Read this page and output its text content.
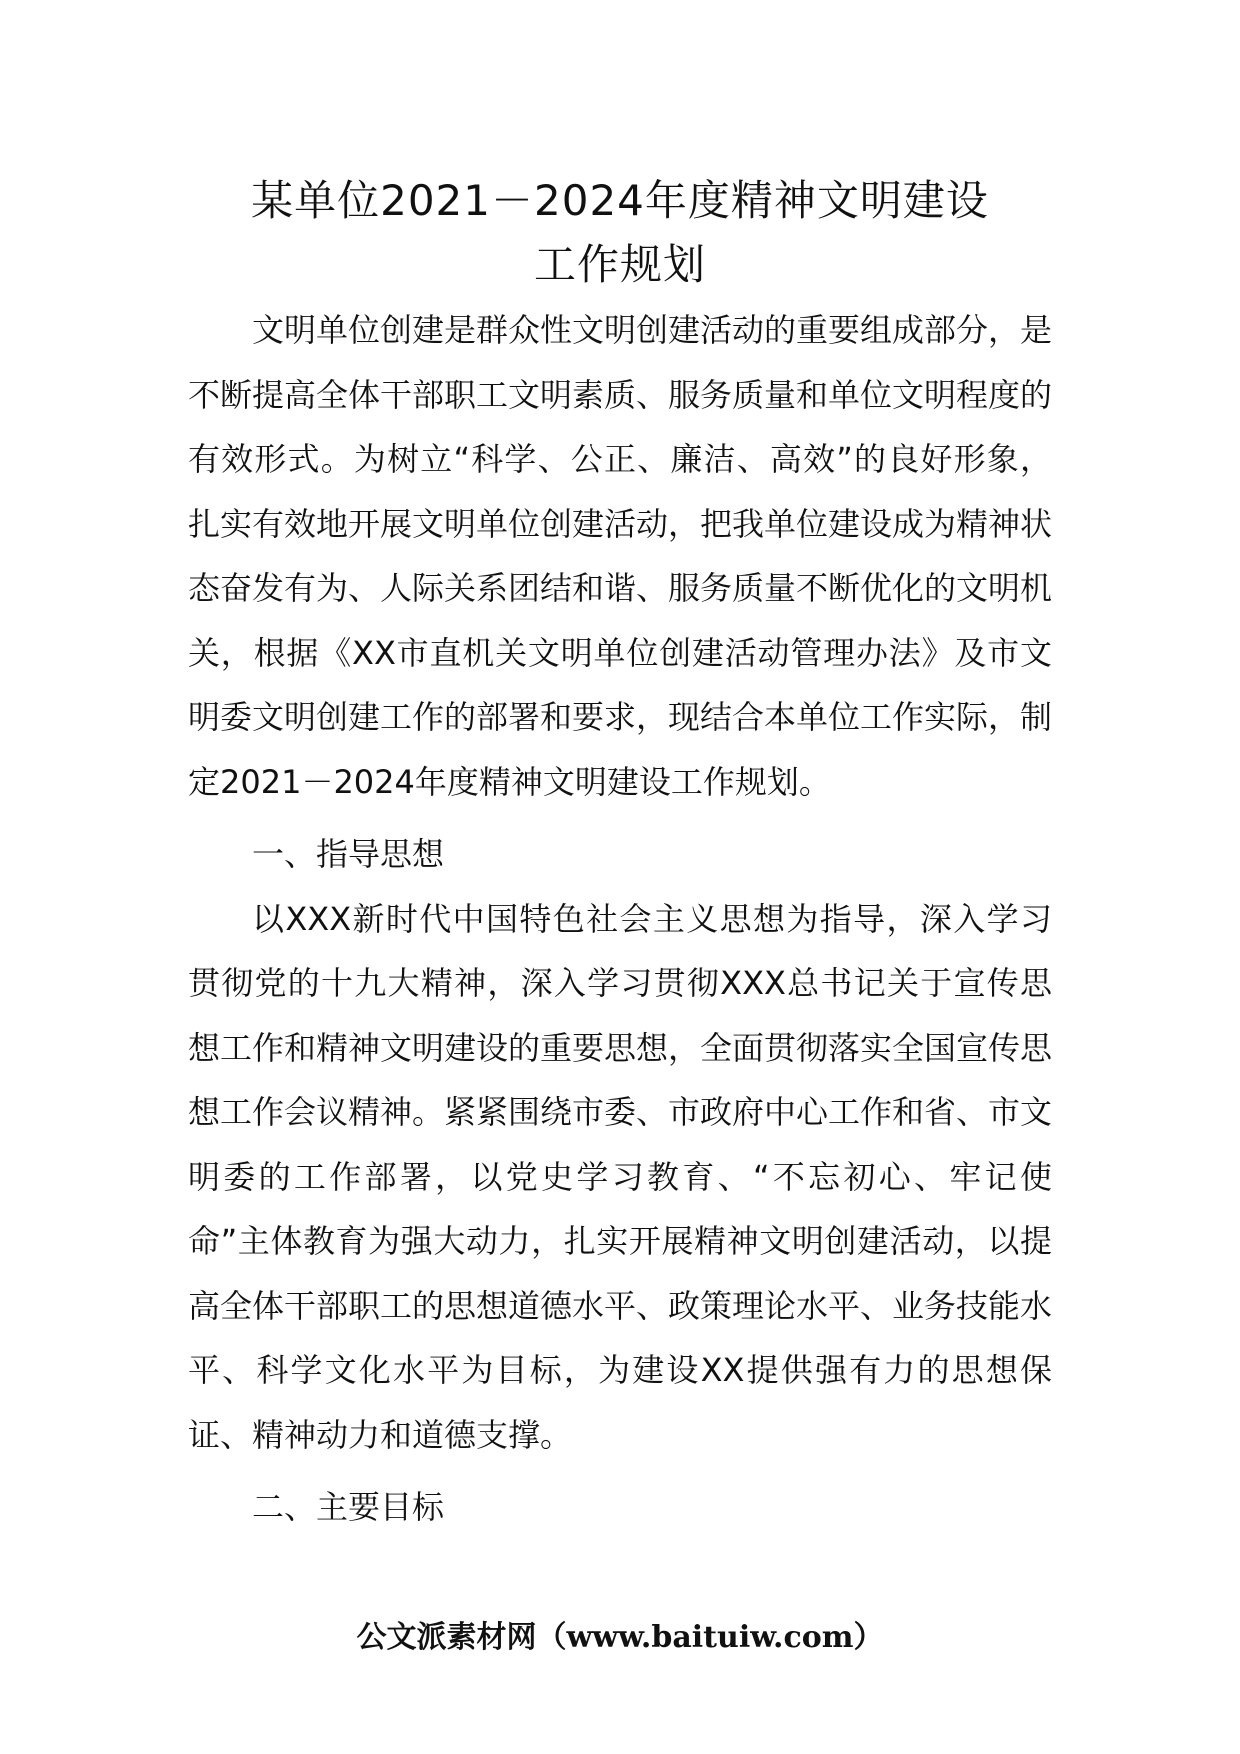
某单位2021－2024年度精神文明建设
工作规划

文明单位创建是群众性文明创建活动的重要组成部分，是不断提高全体干部职工文明素质、服务质量和单位文明程度的有效形式。为树立“科学、公正、廉洁、高效”的良好形象，扎实有效地开展文明单位创建活动，把我单位建设成为精神状态奋发有为、人际关系团结和谐、服务质量不断优化的文明机关，根据《XX市直机关文明单位创建活动管理办法》及市文明委文明创建工作的部署和要求，现结合本单位工作实际，制定2021－2024年度精神文明建设工作规划。

一、指导思想

以XXX新时代中国特色社会主义思想为指导，深入学习贯彻党的十九大精神，深入学习贯彻XXX总书记关于宣传思想工作和精神文明建设的重要思想，全面贯彻落实全国宣传思想工作会议精神。紧紧围绕市委、市政府中心工作和省、市文明委的工作部署，以党史学习教育、“不忘初心、牢记使命”主体教育为强大动力，扎实开展精神文明创建活动，以提高全体干部职工的思想道德水平、政策理论水平、业务技能水平、科学文化水平为目标，为建设XX提供强有力的思想保证、精神动力和道德支撑。

二、主要目标

公文派素材网（www.baituiw.com）
